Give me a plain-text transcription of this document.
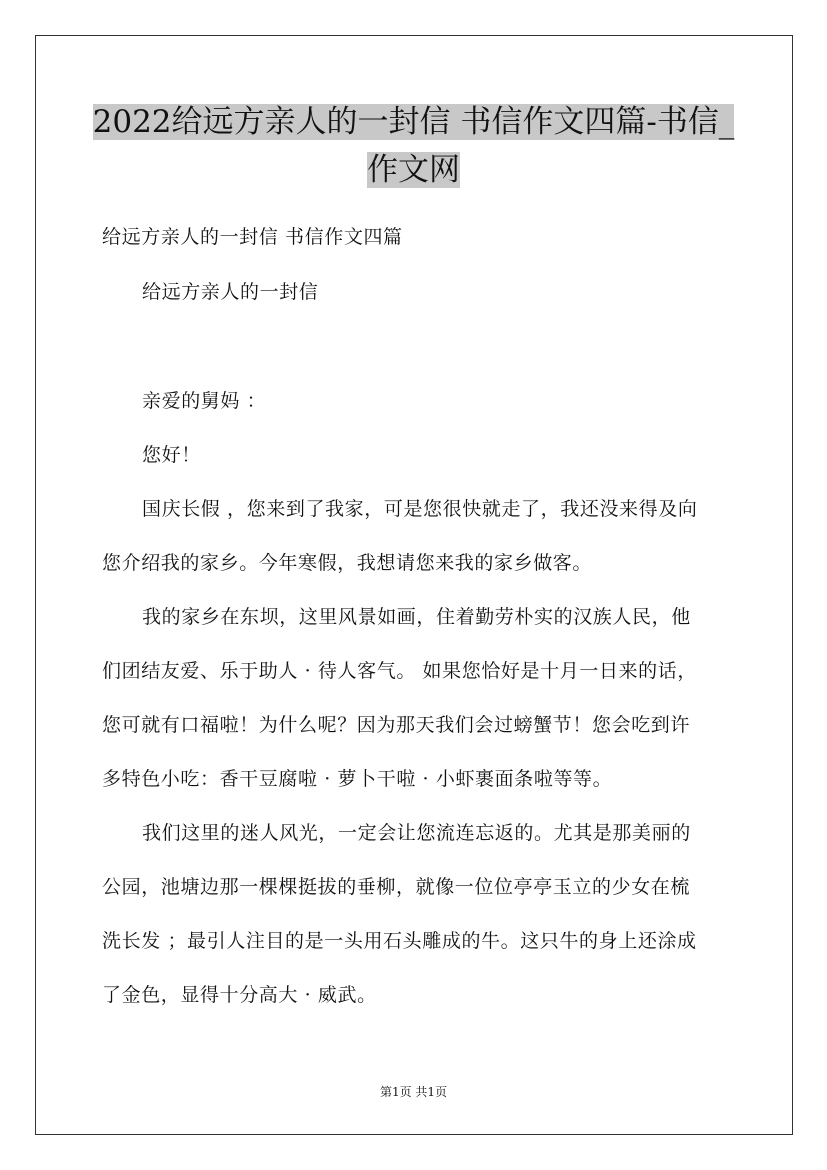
2022给远方亲人的一封信 书信作文四篇-书信_
作文网
给远方亲人的一封信 书信作文四篇
给远方亲人的一封信
亲爱的舅妈 ：
您好！
国庆长假 ，您来到了我家，可是您很快就走了，我还没来得及向
您介绍我的家乡。今年寒假，我想请您来我的家乡做客。
我的家乡在东坝，这里风景如画，住着勤劳朴实的汉族人民，他
们团结友爱、乐于助人 · 待人客气。 如果您恰好是十月一日来的话，
您可就有口福啦！为什么呢？因为那天我们会过螃蟹节！您会吃到许
多特色小吃：香干豆腐啦 · 萝卜干啦 · 小虾裹面条啦等等。
我们这里的迷人风光，一定会让您流连忘返的。尤其是那美丽的
公园，池塘边那一棵棵挺拔的垂柳，就像一位位亭亭玉立的少女在梳
洗长发 ；最引人注目的是一头用石头雕成的牛。这只牛的身上还涂成
了金色，显得十分高大 · 威武。
第1页 共1页
